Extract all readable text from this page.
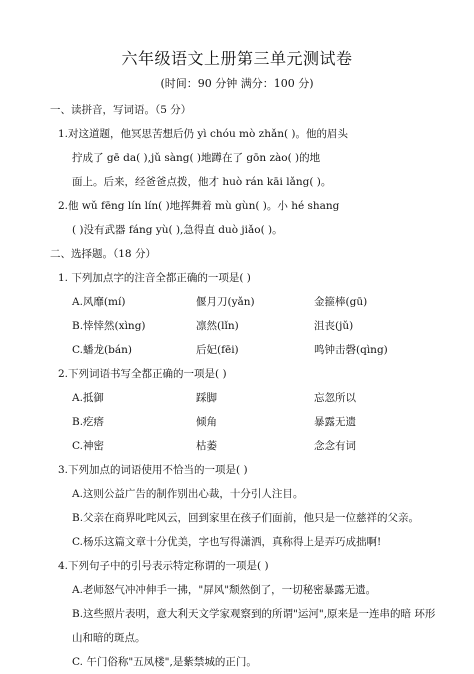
六年级语文上册第三单元测试卷
(时间：90 分钟 满分：100 分)
一、读拼音，写词语。（5 分）
1.对这道题，他冥思苦想后仍 yì chóu mò zhǎn( )。他的眉头
拧成了 gē da( ),jǔ sàng( )地蹲在了 gōn zào( )的地
面上。后来，经爸爸点拨，他才 huò rán kāi lǎng( )。
2.他 wǔ fēng lín lín( )地挥舞着 mù gùn( )。小 hé shang
( )没有武器 fáng yù( ),急得直 duò jiǎo( )。
二、选择题。（18 分）
1. 下列加点字的注音全都正确的一项是( )
A.风靡(mí)	偃月刀(yǎn)	金箍棒(gū)
B.悻悻然(xìng)	凛然(lǐn)	沮丧(jǔ)
C.蟠龙(bán)	后妃(fēi)	鸣钟击磬(qìng)
2.下列词语书写全都正确的一项是( )
A.抵御	踩脚	忘忽所以
B.疙瘩	倾角	暴露无遗
C.神密	枯萎	念念有词
3.下列加点的词语使用不恰当的一项是( )
A.这则公益广告的制作别出心裁，十分引人注目。
B.父亲在商界叱咤风云，回到家里在孩子们面前，他只是一位慈祥的父亲。
C.杨乐这篇文章十分优美，字也写得潇洒，真称得上是弄巧成拙啊!
4.下列句子中的引号表示特定称谓的一项是( )
A.老师怒气冲冲伸手一拂，"屏风"颓然倒了，一切秘密暴露无遗。
B.这些照片表明，意大利天文学家观察到的所谓"运河",原来是一连串的暗 环形
山和暗的斑点。
C. 午门俗称"五凤楼",是紫禁城的正门。
